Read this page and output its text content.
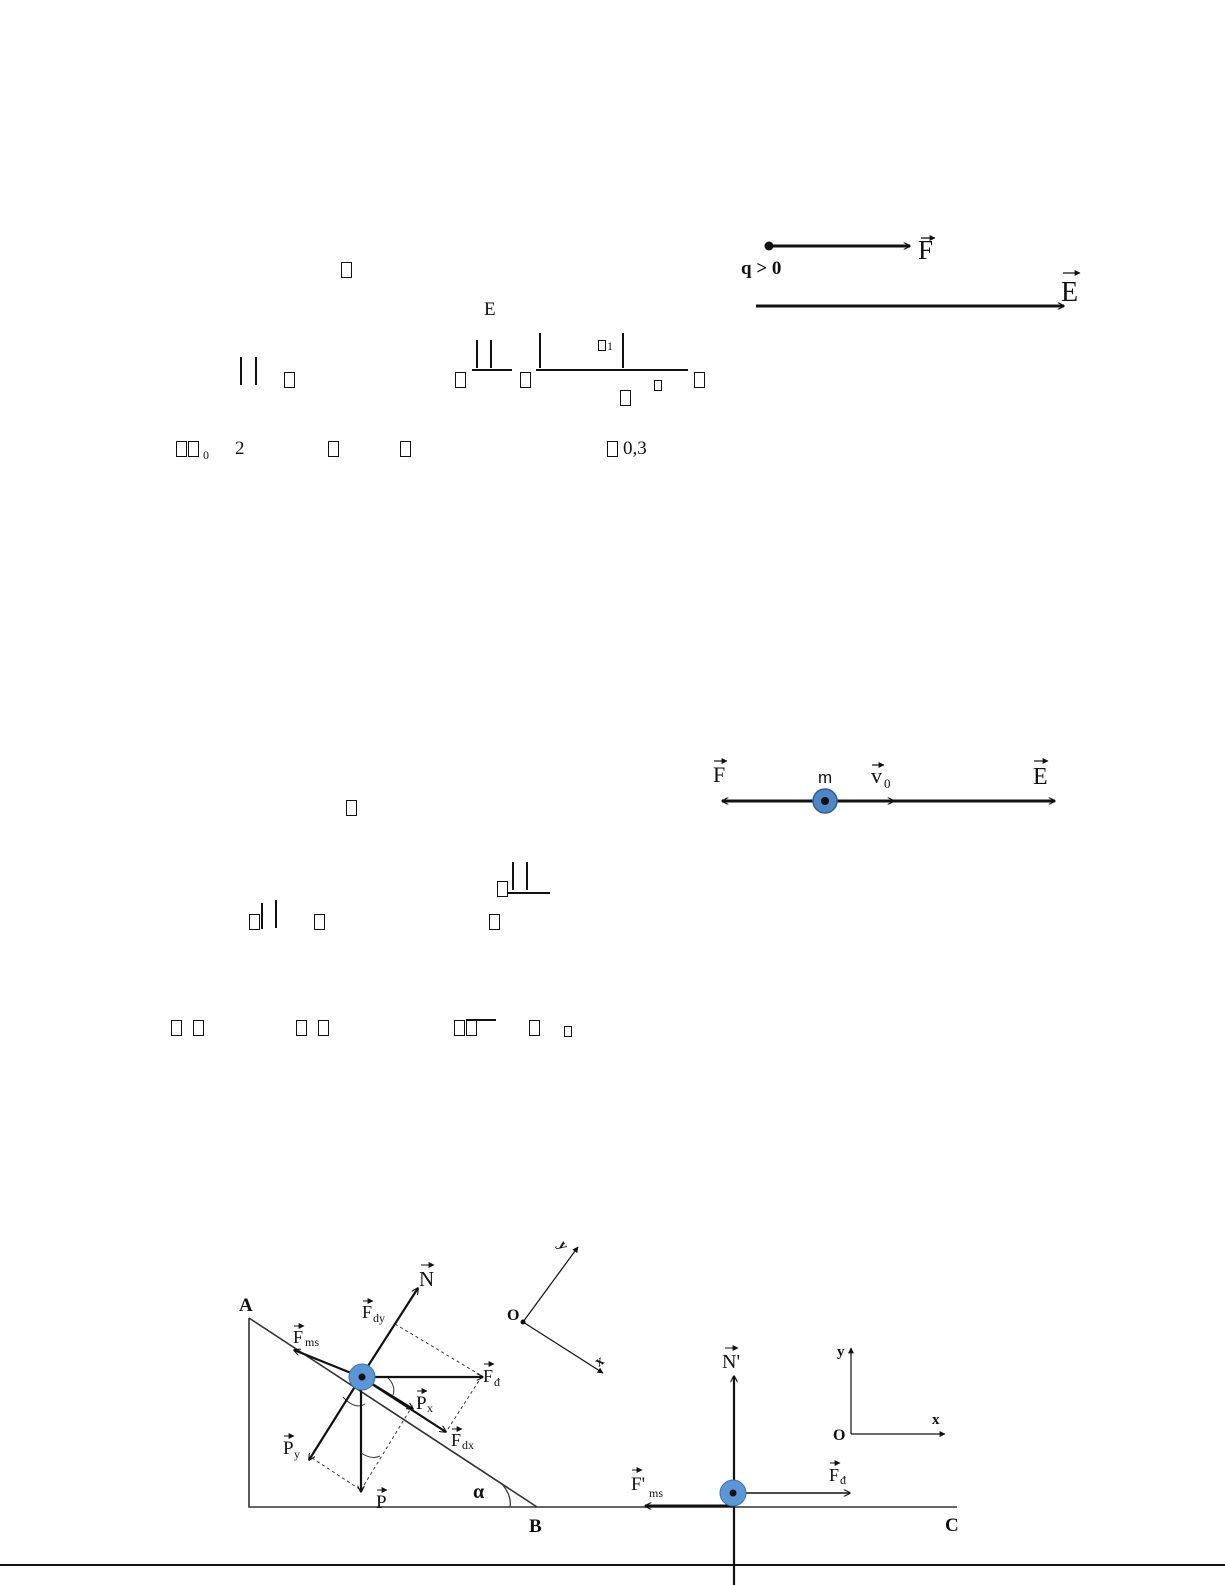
E
1
0 2	0,3
q > 0
F
E
F	m v 0	E
A
B	C
α
N
F dy
F ms
F đ
P x
F dx
P y
P
O
y
x	N'
F' ms
F đ
O
y
x
